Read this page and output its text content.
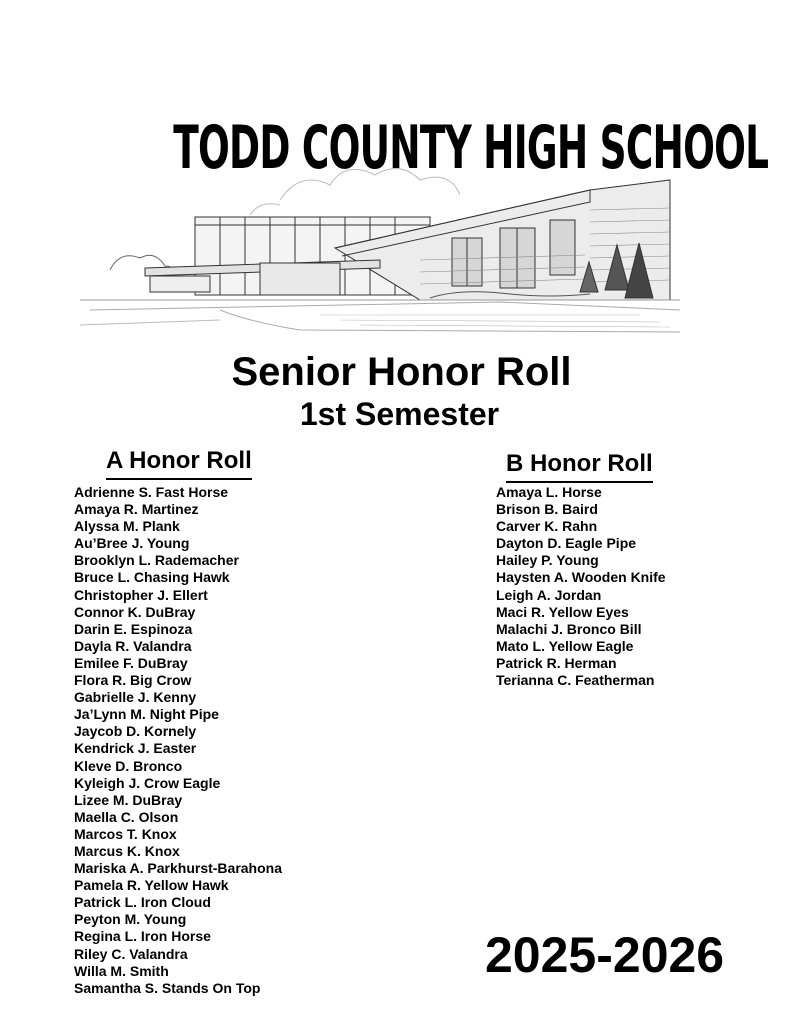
TODD COUNTY HIGH SCHOOL
Senior Honor Roll
1st Semester
A Honor Roll
Adrienne S. Fast Horse
Amaya R. Martinez
Alyssa M. Plank
Au’Bree J. Young
Brooklyn L. Rademacher
Bruce L. Chasing Hawk
Christopher J. Ellert
Connor K. DuBray
Darin E. Espinoza
Dayla R. Valandra
Emilee F. DuBray
Flora R. Big Crow
Gabrielle J. Kenny
Ja’Lynn M. Night Pipe
Jaycob D. Kornely
Kendrick J. Easter
Kleve D. Bronco
Kyleigh J. Crow Eagle
Lizee M. DuBray
Maella C. Olson
Marcos T. Knox
Marcus K. Knox
Mariska A. Parkhurst-Barahona
Pamela R. Yellow Hawk
Patrick L. Iron Cloud
Peyton M. Young
Regina L. Iron Horse
Riley C. Valandra
Willa M. Smith
Samantha S. Stands On Top
B Honor Roll
Amaya L. Horse
Brison B. Baird
Carver K. Rahn
Dayton D. Eagle Pipe
Hailey P. Young
Haysten A. Wooden Knife
Leigh A. Jordan
Maci R. Yellow Eyes
Malachi J. Bronco Bill
Mato L. Yellow Eagle
Patrick R. Herman
Terianna C. Featherman
2025-2026
